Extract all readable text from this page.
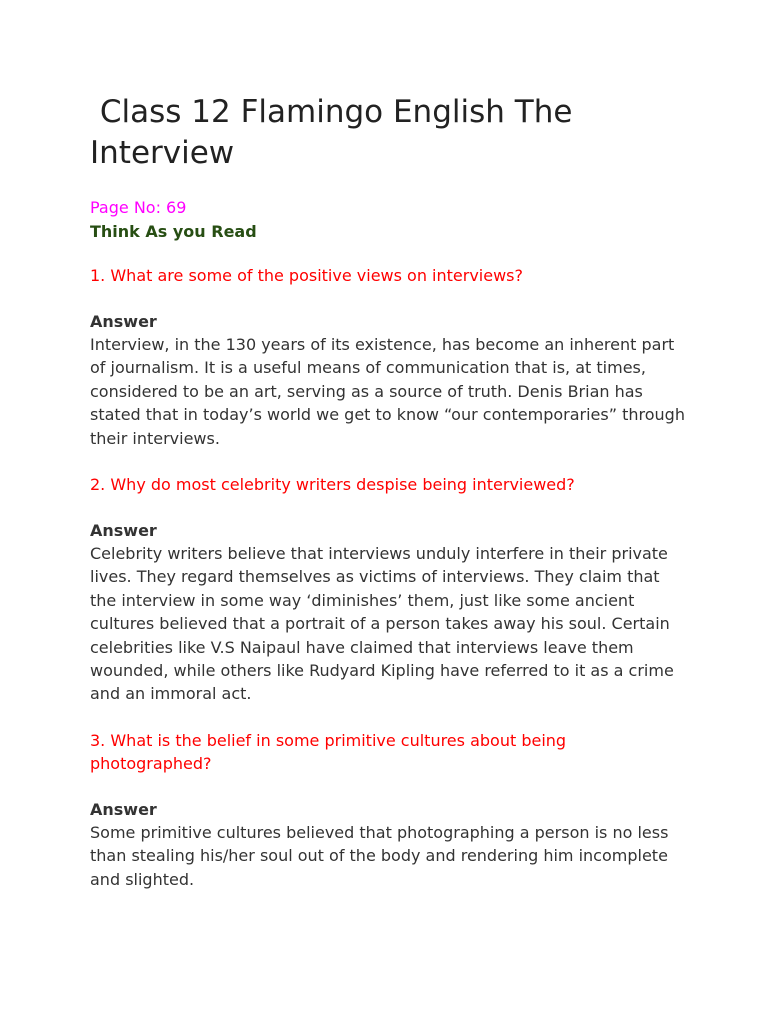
Class 12 Flamingo English The Interview

Page No: 69

Think As you Read

1. What are some of the positive views on interviews?

Answer

Interview, in the 130 years of its existence, has become an inherent part of journalism. It is a useful means of communication that is, at times, considered to be an art, serving as a source of truth. Denis Brian has stated that in today’s world we get to know “our contemporaries” through their interviews.

2. Why do most celebrity writers despise being interviewed?

Answer

Celebrity writers believe that interviews unduly interfere in their private lives. They regard themselves as victims of interviews. They claim that the interview in some way ‘diminishes’ them, just like some ancient cultures believed that a portrait of a person takes away his soul. Certain celebrities like V.S Naipaul have claimed that interviews leave them wounded, while others like Rudyard Kipling have referred to it as a crime and an immoral act.

3. What is the belief in some primitive cultures about being photographed?

Answer

Some primitive cultures believed that photographing a person is no less than stealing his/her soul out of the body and rendering him incomplete and slighted.
